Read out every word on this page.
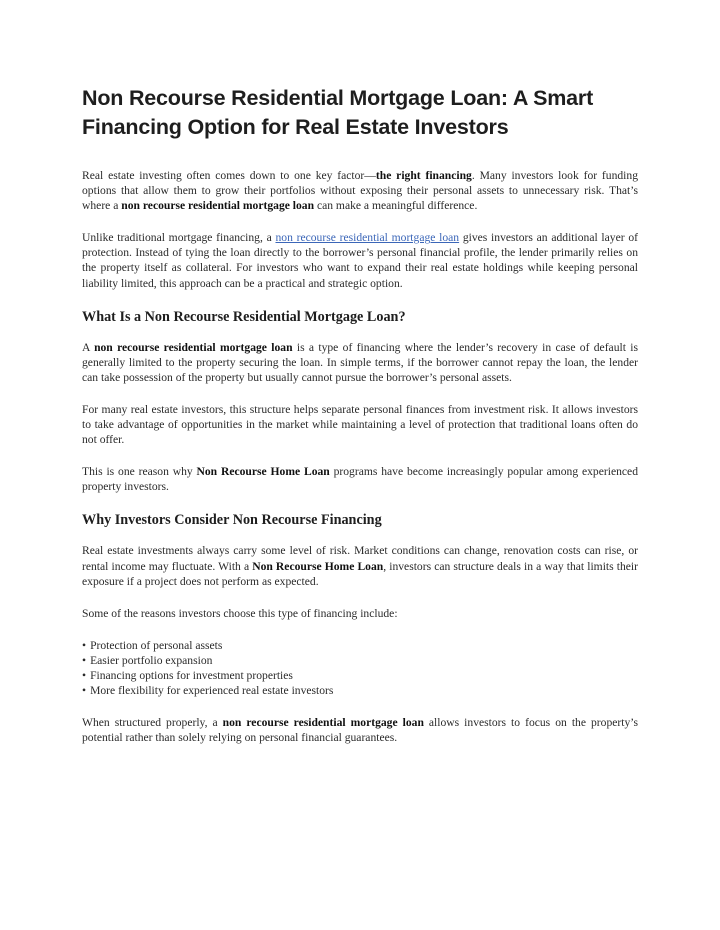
Non Recourse Residential Mortgage Loan: A Smart Financing Option for Real Estate Investors

Real estate investing often comes down to one key factor—the right financing. Many investors look for funding options that allow them to grow their portfolios without exposing their personal assets to unnecessary risk. That’s where a non recourse residential mortgage loan can make a meaningful difference.

Unlike traditional mortgage financing, a non recourse residential mortgage loan gives investors an additional layer of protection. Instead of tying the loan directly to the borrower’s personal financial profile, the lender primarily relies on the property itself as collateral. For investors who want to expand their real estate holdings while keeping personal liability limited, this approach can be a practical and strategic option.

What Is a Non Recourse Residential Mortgage Loan?

A non recourse residential mortgage loan is a type of financing where the lender’s recovery in case of default is generally limited to the property securing the loan. In simple terms, if the borrower cannot repay the loan, the lender can take possession of the property but usually cannot pursue the borrower’s personal assets.

For many real estate investors, this structure helps separate personal finances from investment risk. It allows investors to take advantage of opportunities in the market while maintaining a level of protection that traditional loans often do not offer.

This is one reason why Non Recourse Home Loan programs have become increasingly popular among experienced property investors.

Why Investors Consider Non Recourse Financing

Real estate investments always carry some level of risk. Market conditions can change, renovation costs can rise, or rental income may fluctuate. With a Non Recourse Home Loan, investors can structure deals in a way that limits their exposure if a project does not perform as expected.

Some of the reasons investors choose this type of financing include:

• Protection of personal assets
• Easier portfolio expansion
• Financing options for investment properties
• More flexibility for experienced real estate investors

When structured properly, a non recourse residential mortgage loan allows investors to focus on the property’s potential rather than solely relying on personal financial guarantees.
